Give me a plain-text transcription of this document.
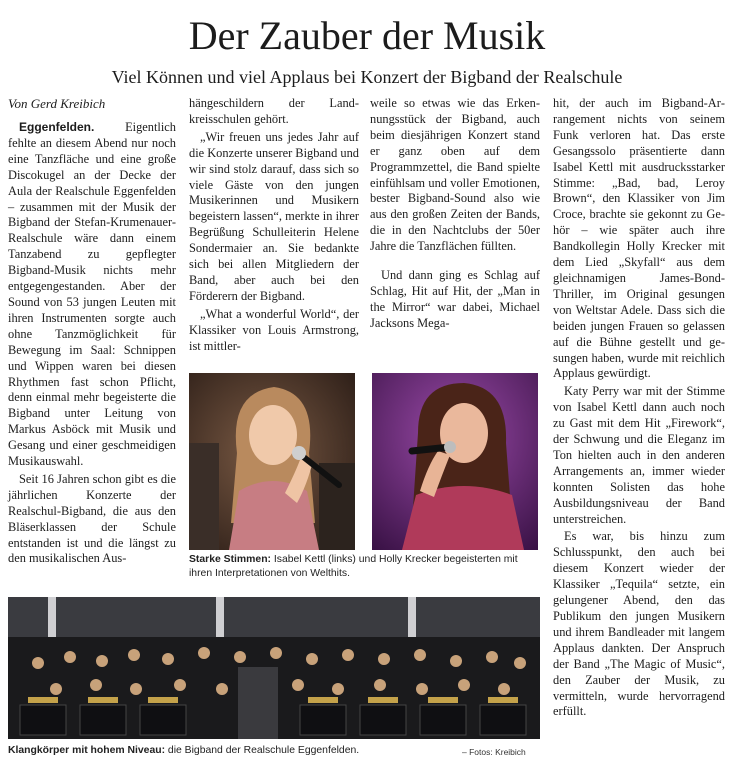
Der Zauber der Musik
Viel Können und viel Applaus bei Konzert der Bigband der Realschule
Von Gerd Kreibich

Eggenfelden. Eigentlich fehlte an diesem Abend nur noch eine Tanzfläche und eine große Discokugel an der Decke der Aula der Realschule Eggenfelden – zusammen mit der Musik der Bigband der Stefan-Krumenauer-Realschule wäre dann einem Tanzabend zu gepflegter Bigband-Musik nichts mehr entgegengestanden. Aber der Sound von 53 jungen Leuten mit ihren Instrumenten sorgte auch ohne Tanzmöglichkeit für Bewegung im Saal: Schnippen und Wippen waren bei diesen Rhythmen fast schon Pflicht, denn einmal mehr begeisterte die Bigband unter Leitung von Markus Asböck mit Musik und Gesang und einer geschmeidigen Musikauswahl.

Seit 16 Jahren schon gibt es die jährlichen Konzerte der Realschul-Bigband, die aus den Bläserklassen der Schule entstanden ist und die längst zu den musikalischen Aus-

hängeschildern der Landkreisschulen gehört.

„Wir freuen uns jedes Jahr auf die Konzerte unserer Bigband und wir sind stolz darauf, dass sich so viele Gäste von den jungen Musikerinnen und Musikern begeistern lassen“, merkte in ihrer Begrüßung Schulleiterin Helene Sondermaier an. Sie bedankte sich bei allen Mitgliedern der Band, aber auch bei den Förderern der Bigband.

„What a wonderful World“, der Klassiker von Louis Armstrong, ist mittler-

weile so etwas wie das Erkennungsstück der Bigband, auch beim diesjährigen Konzert stand er ganz oben auf dem Programmzettel, die Band spielte einfühlsam und voller Emotionen, bester Bigband-Sound also wie aus den großen Zeiten der Bands, die in den Nachtclubs der 50er Jahre die Tanzflächen füllten.

Und dann ging es Schlag auf Schlag, Hit auf Hit, der „Man in the Mirror“ war dabei, Michael Jacksons Mega-

hit, der auch im Bigband-Arrangement nichts von seinem Funk verloren hat. Das erste Gesangssolo präsentierte dann Isabel Kettl mit ausdrucksstarker Stimme: „Bad, bad, Leroy Brown“, den Klassiker von Jim Croce, brachte sie gekonnt zu Gehör – wie später auch ihre Bandkollegin Holly Krecker mit dem Lied „Skyfall“ aus dem gleichnamigen James-Bond-Thriller, im Original gesungen von Weltstar Adele. Dass sich die beiden jungen Frauen so gelassen auf die Bühne gestellt und gesungen haben, wurde mit reichlich Applaus gewürdigt.

Katy Perry war mit der Stimme von Isabel Kettl dann auch noch zu Gast mit dem Hit „Firework“, der Schwung und die Eleganz im Ton hielten auch in den anderen Arrangements an, immer wieder konnten Solisten das hohe Ausbildungsniveau der Band unterstreichen.

Es war, bis hinzu zum Schlusspunkt, den auch bei diesem Konzert wieder der Klassiker „Tequila“ setzte, ein gelungener Abend, den das Publikum den jungen Musikern und ihrem Bandleader mit langem Applaus dankten. Der Anspruch der Band „The Magic of Music“, den Zauber der Musik, zu vermitteln, wurde hervorragend erfüllt.

Starke Stimmen: Isabel Kettl (links) und Holly Krecker begeisterten mit ihren Interpretationen von Welthits.
Klangkörper mit hohem Niveau: die Bigband der Realschule Eggenfelden.	– Fotos: Kreibich
